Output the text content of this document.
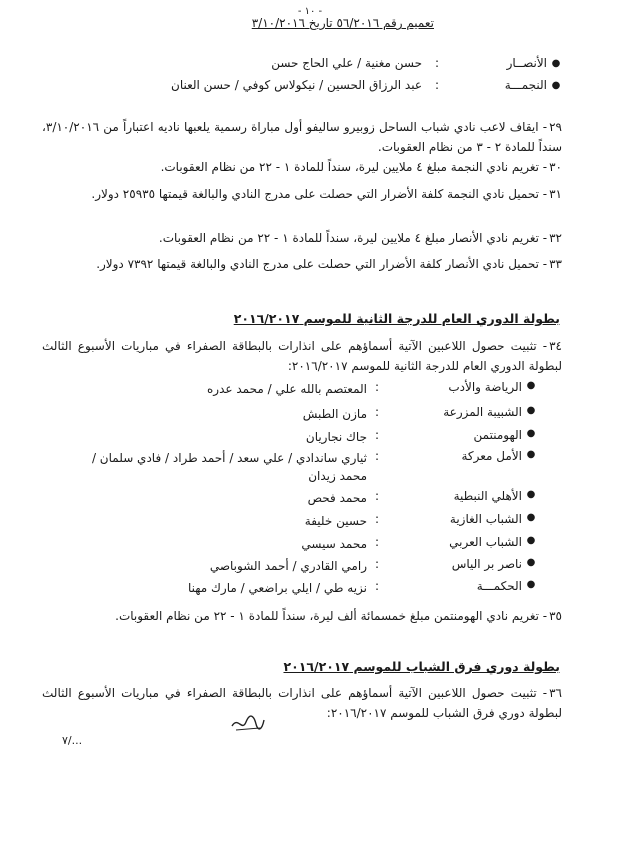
- ١٠ -
تعميم رقم ٥٦/٢٠١٦ تاريخ ٣/١٠/٢٠١٦
●
الأنصــار
:
حسن مغنية / علي الحاج حسن
●
النجمـــة
:
عبد الرزاق الحسين / نيكولاس كوفي / حسن العنان
٢٩- ايقاف لاعب نادي شباب الساحل زوبيرو ساليفو أول مباراة رسمية يلعبها ناديه اعتباراً من ٣/١٠/٢٠١٦، سنداً للمادة ٢ - ٣ من نظام العقوبات.
٣٠- تغريم نادي النجمة مبلغ ٤ ملايين ليرة، سنداً للمادة ١ - ٢٢ من نظام العقوبات.
٣١- تحميل نادي النجمة كلفة الأضرار التي حصلت على مدرج النادي والبالغة قيمتها ٢٥٩٣٥ دولار.
٣٢- تغريم نادي الأنصار مبلغ ٤ ملايين ليرة، سنداً للمادة ١ - ٢٢ من نظام العقوبات.
٣٣- تحميل نادي الأنصار كلفة الأضرار التي حصلت على مدرج النادي والبالغة قيمتها ٧٣٩٢ دولار.
بطولة الدوري العام للدرجة الثانية للموسم ٢٠١٦/٢٠١٧
٣٤- تثبيت حصول اللاعبين الآتية أسماؤهم على انذارات بالبطاقة الصفراء في مباريات الأسبوع الثالث لبطولة الدوري العام للدرجة الثانية للموسم ٢٠١٦/٢٠١٧:
●
الرياضة والأدب
:
المعتصم بالله علي / محمد عدره
●
الشبيبة المزرعة
:
مازن الطبش
●
الهومنتمن
:
جاك نجاريان
●
الأمل معركة
:
ثياري ساندادي / علي سعد / أحمد طراد / فادي سلمان / محمد زيدان
●
الأهلي النبطية
:
محمد فحص
●
الشباب الغازية
:
حسين خليفة
●
الشباب العربي
:
محمد سيسي
●
ناصر بر الياس
:
رامي القادري / أحمد الشوباصي
●
الحكمـــة
:
نزيه طي / ايلي براضعي / مارك مهنا
٣٥- تغريم نادي الهومنتمن مبلغ خمسمائة ألف ليرة، سنداً للمادة ١ - ٢٢ من نظام العقوبات.
بطولة دوري فرق الشباب للموسم ٢٠١٦/٢٠١٧
٣٦- تثبيت حصول اللاعبين الآتية أسماؤهم على انذارات بالبطاقة الصفراء في مباريات الأسبوع الثالث لبطولة دوري فرق الشباب للموسم ٢٠١٦/٢٠١٧:
٧/...
